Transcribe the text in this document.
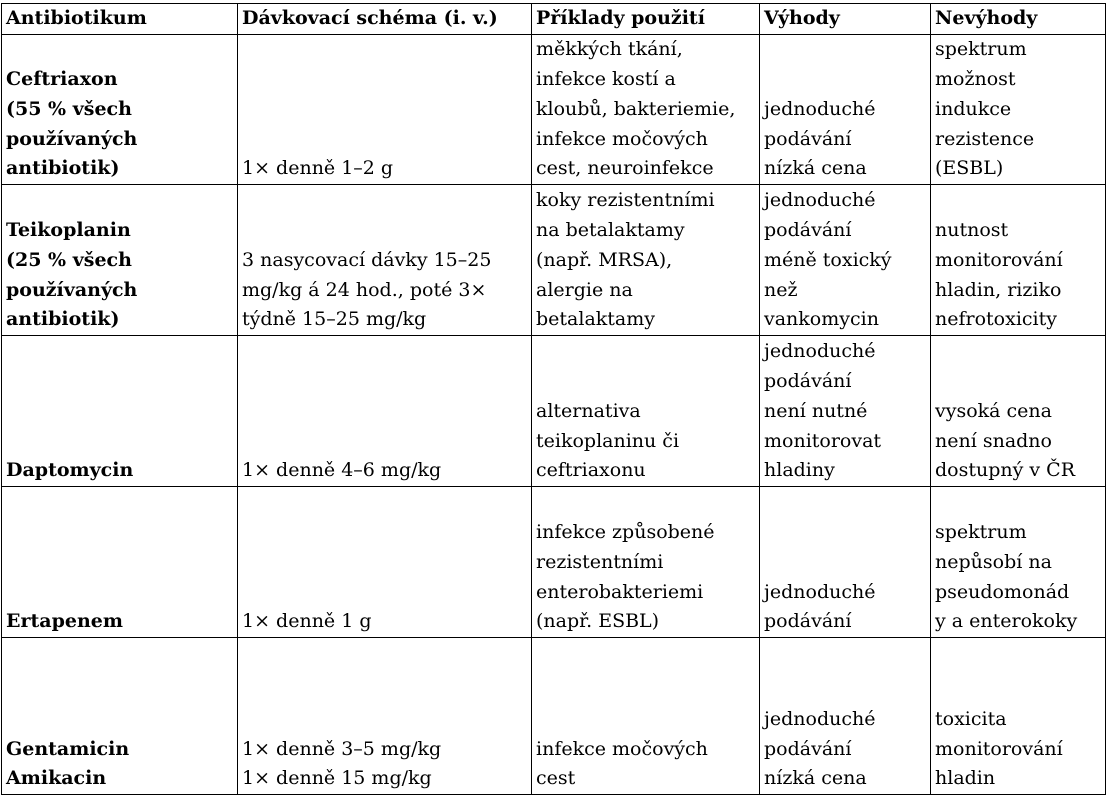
Antibiotikum	Dávkovací schéma (i. v.)	Příklady použití	Výhody	Nevýhody

Ceftriaxon
(55 % všech
používaných
antibiotik)	1× denně 1–2 g	měkkých tkání,
infekce kostí a
kloubů, bakteriemie,
infekce močových
cest, neuroinfekce	jednoduché
podávání
nízká cena	spektrum
možnost
indukce
rezistence
(ESBL)

Teikoplanin
(25 % všech
používaných
antibiotik)	3 nasycovací dávky 15–25
mg/kg á 24 hod., poté 3×
týdně 15–25 mg/kg	koky rezistentními
na betalaktamy
(např. MRSA),
alergie na
betalaktamy	jednoduché
podávání
méně toxický
než
vankomycin	nutnost
monitorování
hladin, riziko
nefrotoxicity

Daptomycin	1× denně 4–6 mg/kg	alternativa
teikoplaninu či
ceftriaxonu	jednoduché
podávání
není nutné
monitorovat
hladiny	vysoká cena
není snadno
dostupný v ČR

Ertapenem	1× denně 1 g	infekce způsobené
rezistentními
enterobakteriemi
(např. ESBL)	jednoduché
podávání	spektrum
nepůsobí na
pseudomonád
y a enterokoky

Gentamicin
Amikacin	1× denně 3–5 mg/kg
1× denně 15 mg/kg	infekce močových
cest	jednoduché
podávání
nízká cena	toxicita
monitorování
hladin
